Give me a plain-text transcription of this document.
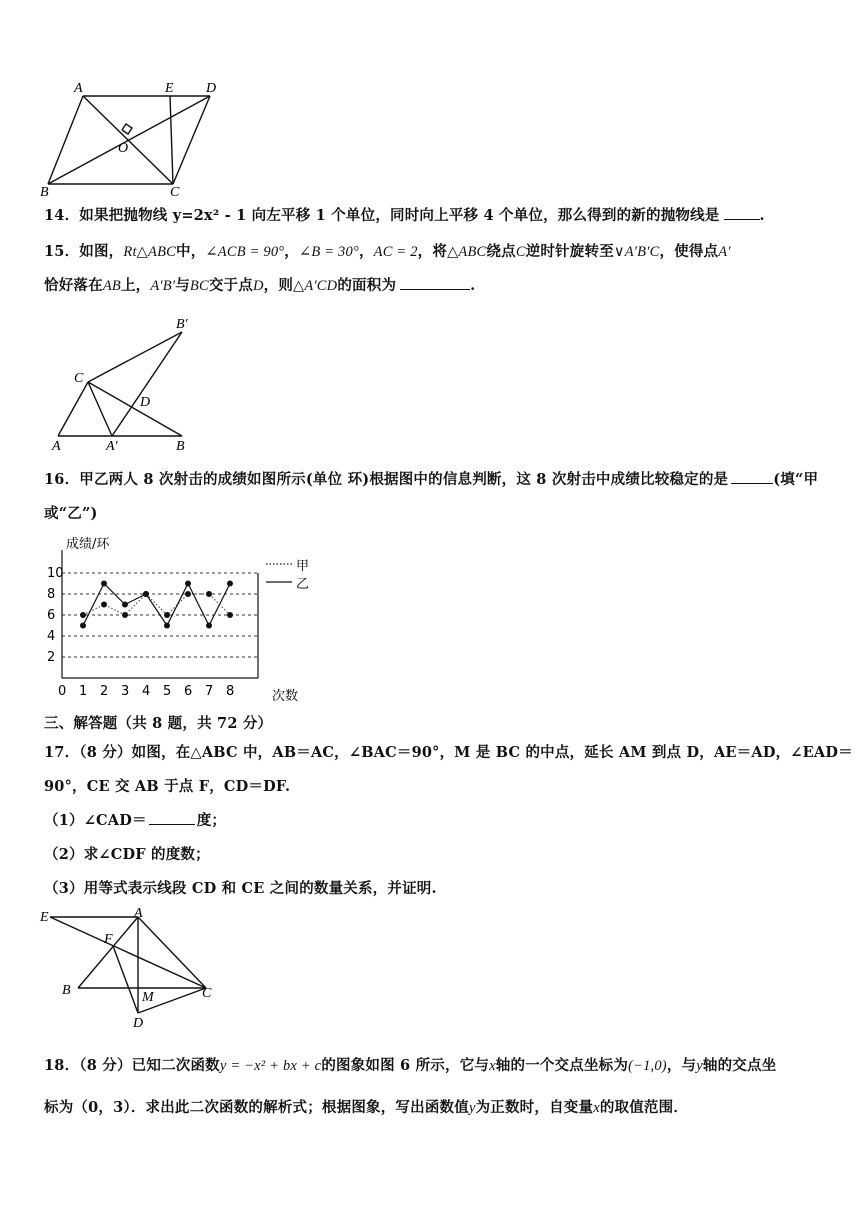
A	E D
O
B	C
14．如果把抛物线 y=2x² - 1 向左平移 1 个单位，同时向上平移 4 个单位，那么得到的新的抛物线是	.
15．如图，Rt△ABC中，∠ACB = 90°，∠B = 30°，AC = 2，将△ABC绕点C逆时针旋转至∨A′B′C，使得点A′
恰好落在AB上，A′B′与BC交于点D，则△A′CD的面积为	.
B′
C
D
A	A′	B
16．甲乙两人 8 次射击的成绩如图所示(单位 环)根据图中的信息判断，这 8 次射击中成绩比较稳定的是	(填“甲
或“乙”)
成绩/环
次数
2
4
6
8
10
0 1 2 3 4 5 6 7 8
甲
乙
三、解答题（共 8 题，共 72 分）
17．（8 分）如图，在△ABC 中，AB＝AC，∠BAC＝90°，M 是 BC 的中点，延长 AM 到点 D，AE＝AD，∠EAD＝
90°，CE 交 AB 于点 F，CD＝DF.
（1）∠CAD＝	度；
（2）求∠CDF 的度数；
（3）用等式表示线段 CD 和 CE 之间的数量关系，并证明.
E	A
F
B	M	C
D
18．（8 分）已知二次函数y = −x² + bx + c的图象如图 6 所示，它与x轴的一个交点坐标为(−1,0)，与y轴的交点坐
标为（0，3）．求出此二次函数的解析式；根据图象，写出函数值y为正数时，自变量x的取值范围．
